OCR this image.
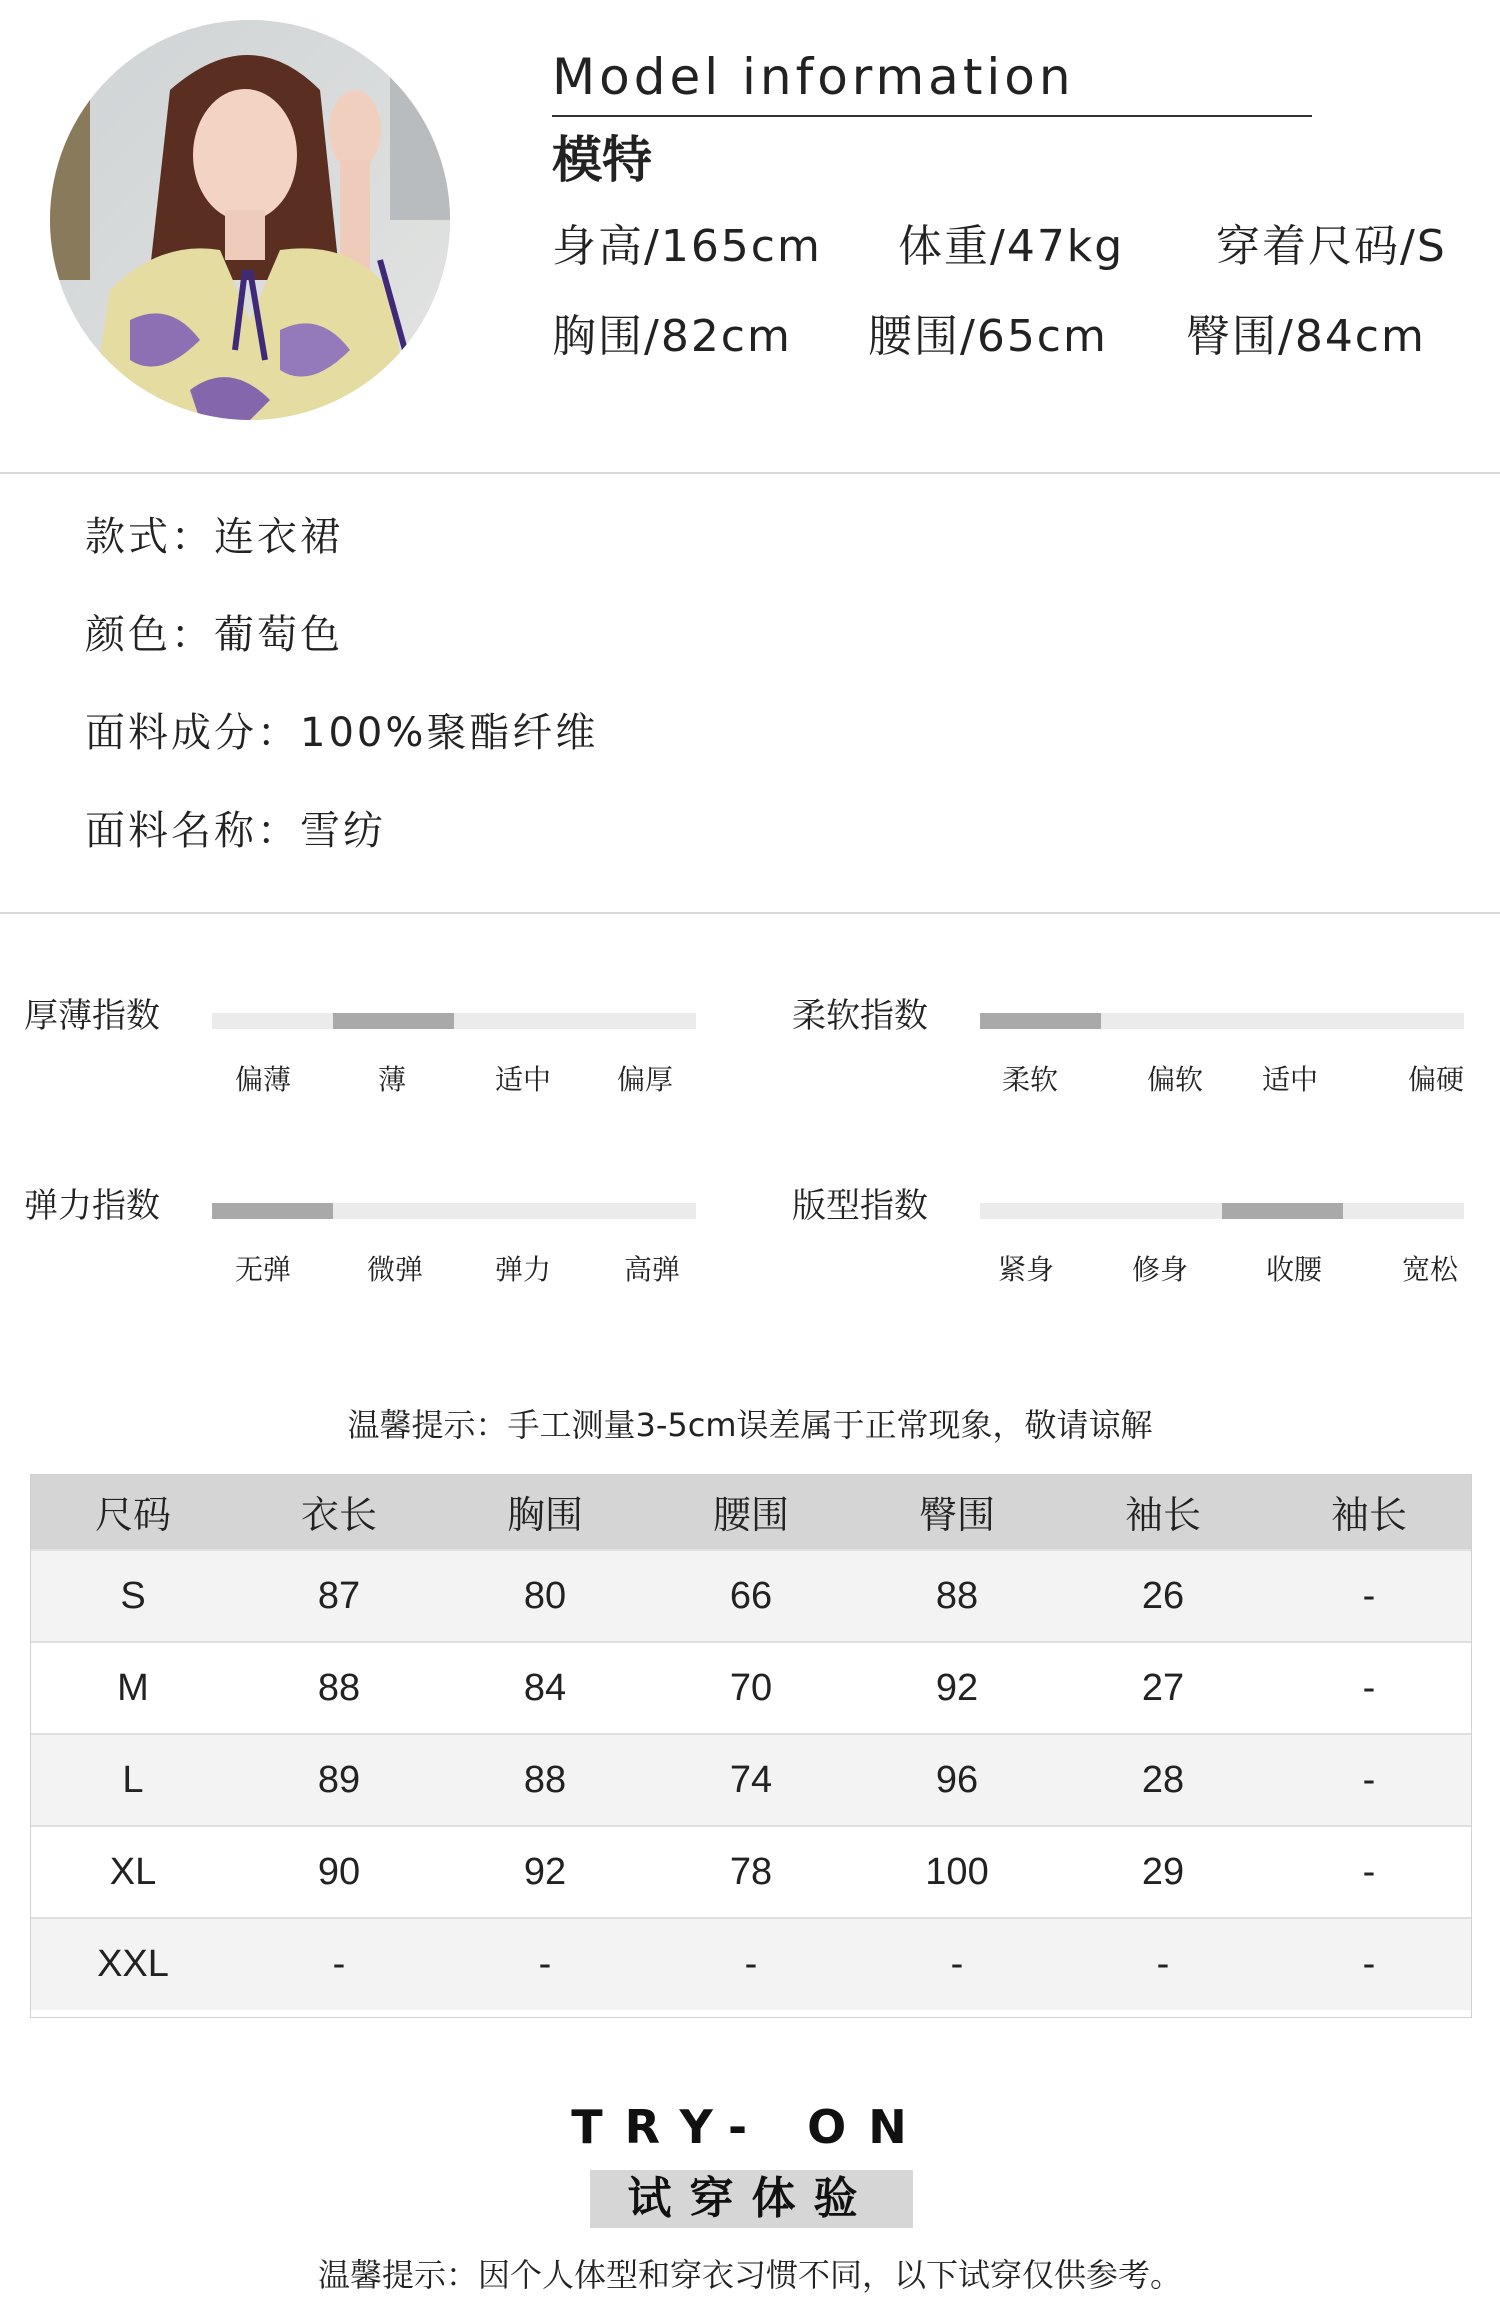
Model information
模特
身高/165cm 体重/47kg 穿着尺码/S
胸围/82cm 腰围/65cm 臀围/84cm
款式：连衣裙
颜色：葡萄色
面料成分：100%聚酯纤维
面料名称：雪纺
厚薄指数
偏薄	薄	适中 偏厚
柔软指数
柔软	偏软 适中	偏硬
弹力指数
无弹	微弹	弹力	高弹
版型指数
紧身	修身	收腰	宽松
温馨提示：手工测量3-5cm误差属于正常现象，敬请谅解
尺码	衣长	胸围	腰围	臀围	袖长	袖长
S	87	80	66	88	26	-
M	88	84	70	92	27	-
L	89	88	74	96	28	-
XL	90	92	78	100	29	-
XXL	-	-	-	-	-	-
TRY- ON
试穿体验
温馨提示：因个人体型和穿衣习惯不同，以下试穿仅供参考。
